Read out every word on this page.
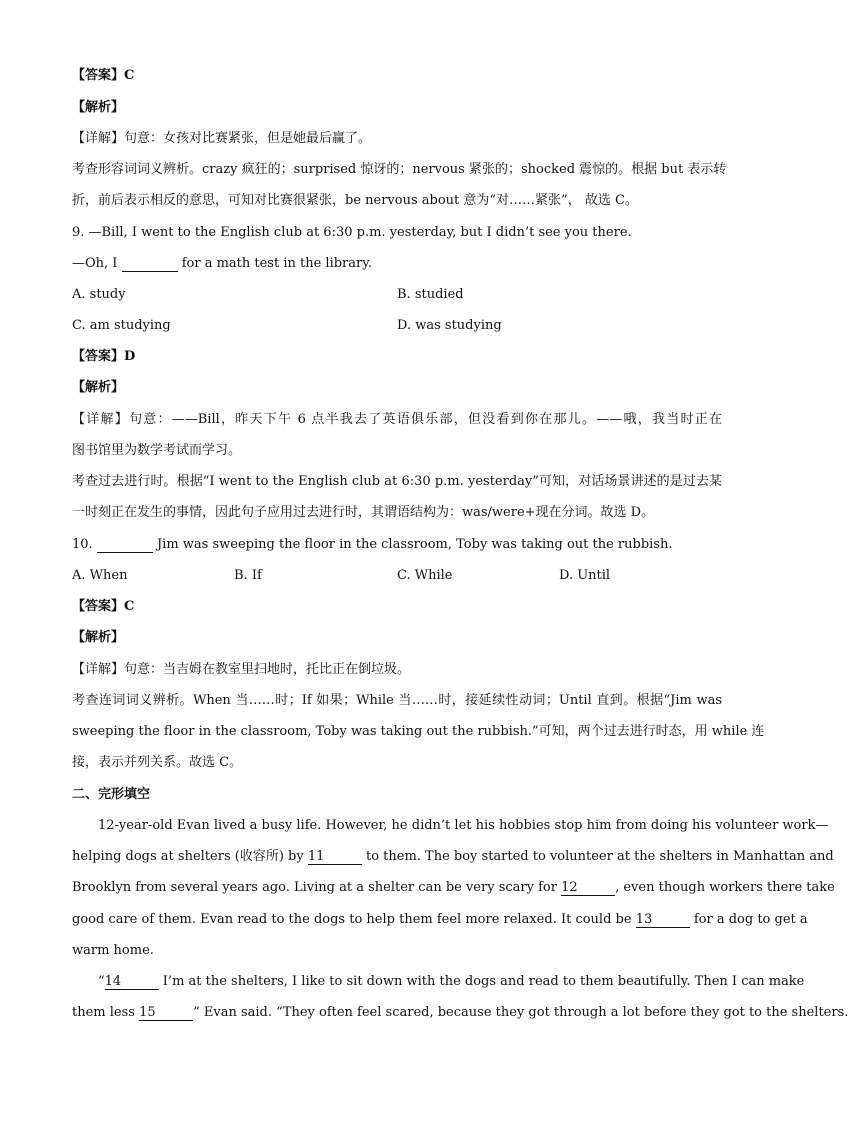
【答案】C
【解析】
【详解】句意：女孩对比赛紧张，但是她最后赢了。
考查形容词词义辨析。crazy 疯狂的；surprised 惊讶的；nervous 紧张的；shocked 震惊的。根据 but 表示转
折，前后表示相反的意思，可知对比赛很紧张，be nervous about 意为“对……紧张”， 故选 C。
9. —Bill, I went to the English club at 6:30 p.m. yesterday, but I didn’t see you there.
—Oh, I	for a math test in the library.
A. study	B. studied
C. am studying	D. was studying
【答案】D
【解析】
【详解】句意：——Bill，昨天下午 6 点半我去了英语俱乐部，但没看到你在那儿。——哦，我当时正在
图书馆里为数学考试而学习。
考查过去进行时。根据“I went to the English club at 6:30 p.m. yesterday”可知，对话场景讲述的是过去某
一时刻正在发生的事情，因此句子应用过去进行时，其谓语结构为：was/were+现在分词。故选 D。
10.	Jim was sweeping the floor in the classroom, Toby was taking out the rubbish.
A. When	B. If	C. While	D. Until
【答案】C
【解析】
【详解】句意：当吉姆在教室里扫地时，托比正在倒垃圾。
考查连词词义辨析。When 当……时；If 如果；While 当……时，接延续性动词；Until 直到。根据“Jim was
sweeping the floor in the classroom, Toby was taking out the rubbish.”可知，两个过去进行时态，用 while 连
接，表示并列关系。故选 C。
二、完形填空
12-year-old Evan lived a busy life. However, he didn’t let his hobbies stop him from doing his volunteer work—
helping dogs at shelters (收容所) by 11	to them. The boy started to volunteer at the shelters in Manhattan and
Brooklyn from several years ago. Living at a shelter can be very scary for 12	, even though workers there take
good care of them. Evan read to the dogs to help them feel more relaxed. It could be 13	for a dog to get a
warm home.
“14	I’m at the shelters, I like to sit down with the dogs and read to them beautifully. Then I can make
them less 15	” Evan said. “They often feel scared, because they got through a lot before they got to the shelters.
